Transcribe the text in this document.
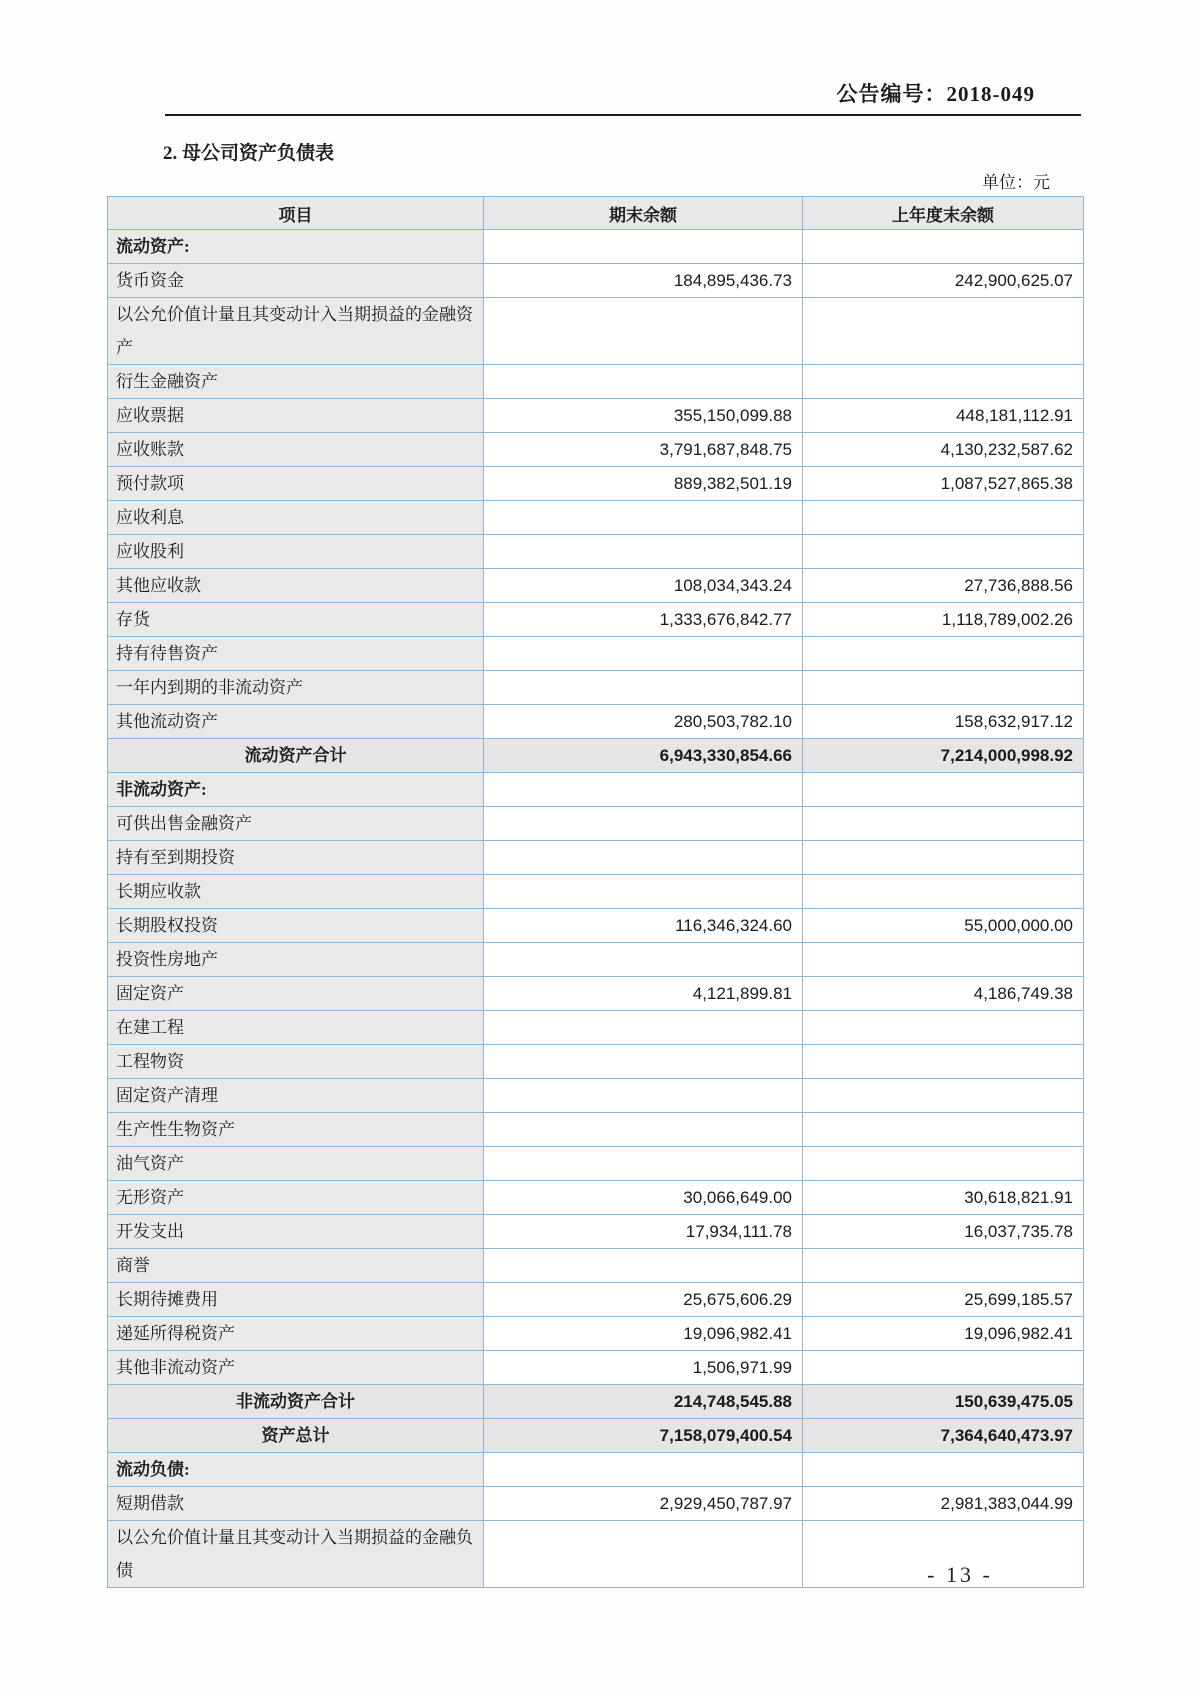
公告编号：2018-049
2. 母公司资产负债表
单位：元
项目	期末余额	上年度末余额
流动资产:		
货币资金	184,895,436.73	242,900,625.07
以公允价值计量且其变动计入当期损益的金融资产		
衍生金融资产		
应收票据	355,150,099.88	448,181,112.91
应收账款	3,791,687,848.75	4,130,232,587.62
预付款项	889,382,501.19	1,087,527,865.38
应收利息		
应收股利		
其他应收款	108,034,343.24	27,736,888.56
存货	1,333,676,842.77	1,118,789,002.26
持有待售资产		
一年内到期的非流动资产		
其他流动资产	280,503,782.10	158,632,917.12
流动资产合计	6,943,330,854.66	7,214,000,998.92
非流动资产:		
可供出售金融资产		
持有至到期投资		
长期应收款		
长期股权投资	116,346,324.60	55,000,000.00
投资性房地产		
固定资产	4,121,899.81	4,186,749.38
在建工程		
工程物资		
固定资产清理		
生产性生物资产		
油气资产		
无形资产	30,066,649.00	30,618,821.91
开发支出	17,934,111.78	16,037,735.78
商誉		
长期待摊费用	25,675,606.29	25,699,185.57
递延所得税资产	19,096,982.41	19,096,982.41
其他非流动资产	1,506,971.99	
非流动资产合计	214,748,545.88	150,639,475.05
资产总计	7,158,079,400.54	7,364,640,473.97
流动负债:		
短期借款	2,929,450,787.97	2,981,383,044.99
以公允价值计量且其变动计入当期损益的金融负债			- 13 -
